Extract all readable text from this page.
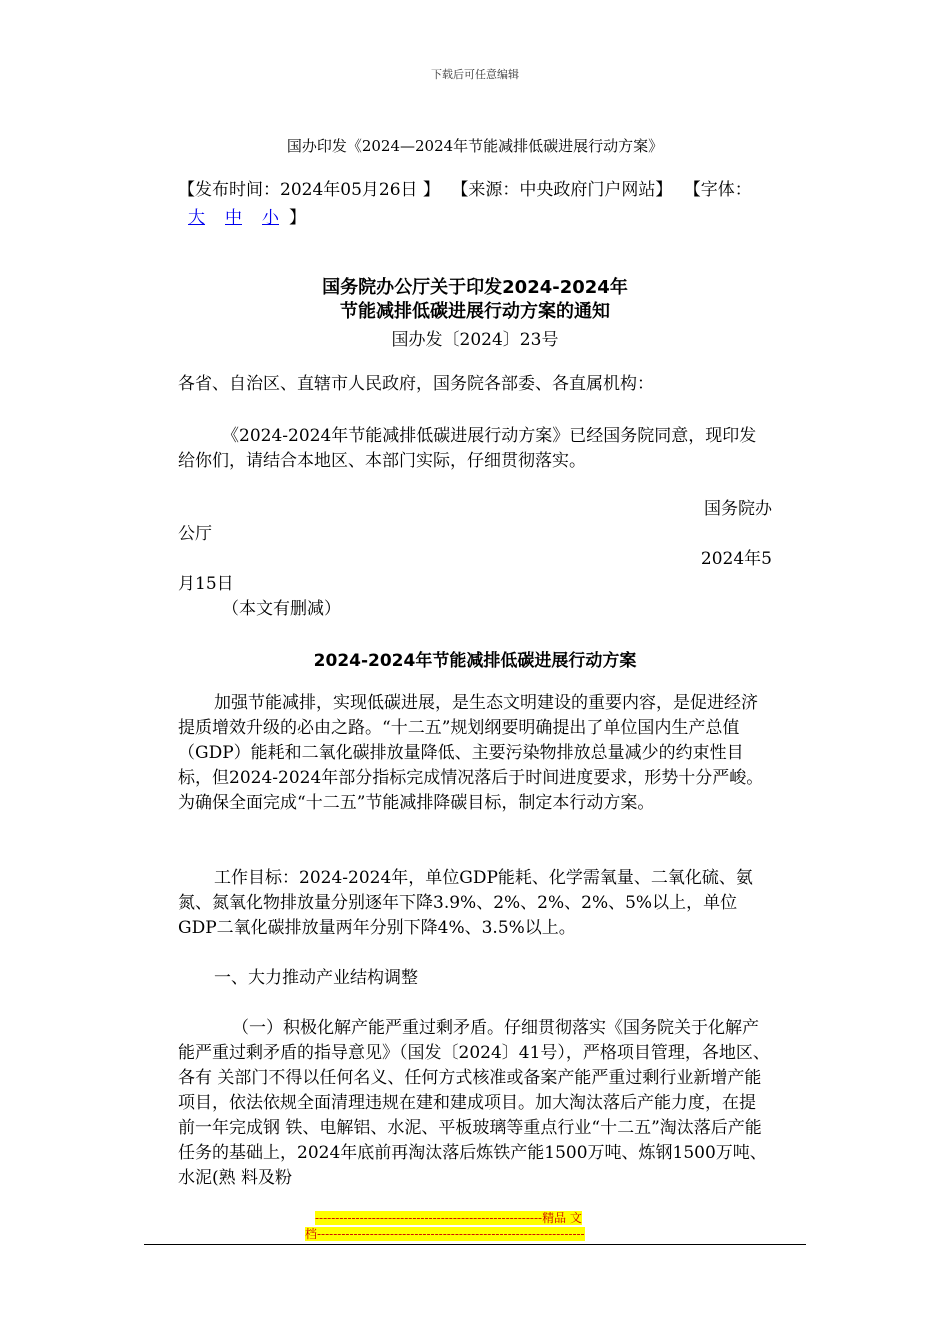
下载后可任意编辑
国办印发《2024—2024年节能减排低碳进展行动方案》
【发布时间：2024年05月26日 】 【来源：中央政府门户网站】 【字体：大 中 小 】
国务院办公厅关于印发2024-2024年
节能减排低碳进展行动方案的通知
国办发〔2024〕23号
各省、自治区、直辖市人民政府，国务院各部委、各直属机构：
《2024-2024年节能减排低碳进展行动方案》已经国务院同意，现印发给你们，请结合本地区、本部门实际，仔细贯彻落实。
国务院办
公厅
2024年5
月15日
（本文有删减）
2024-2024年节能减排低碳进展行动方案
加强节能减排，实现低碳进展，是生态文明建设的重要内容，是促进经济提质增效升级的必由之路。“十二五”规划纲要明确提出了单位国内生产总值 （GDP）能耗和二氧化碳排放量降低、主要污染物排放总量减少的约束性目标，但2024-2024年部分指标完成情况落后于时间进度要求，形势十分严峻。 为确保全面完成“十二五”节能减排降碳目标，制定本行动方案。
工作目标：2024-2024年，单位GDP能耗、化学需氧量、二氧化硫、氨氮、氮氧化物排放量分别逐年下降3.9%、2%、2%、2%、5%以上，单位GDP二氧化碳排放量两年分别下降4%、3.5%以上。
一、大力推动产业结构调整
（一）积极化解产能严重过剩矛盾。仔细贯彻落实《国务院关于化解产能严重过剩矛盾的指导意见》（国发〔2024〕41号），严格项目管理，各地区、各有 关部门不得以任何名义、任何方式核准或备案产能严重过剩行业新增产能项目，依法依规全面清理违规在建和建成项目。加大淘汰落后产能力度，在提前一年完成钢 铁、电解铝、水泥、平板玻璃等重点行业“十二五”淘汰落后产能任务的基础上，2024年底前再淘汰落后炼铁产能1500万吨、炼钢1500万吨、水泥(熟 料及粉
--------------------------------------------------------精品 文
档------------------------------------------------------------------
